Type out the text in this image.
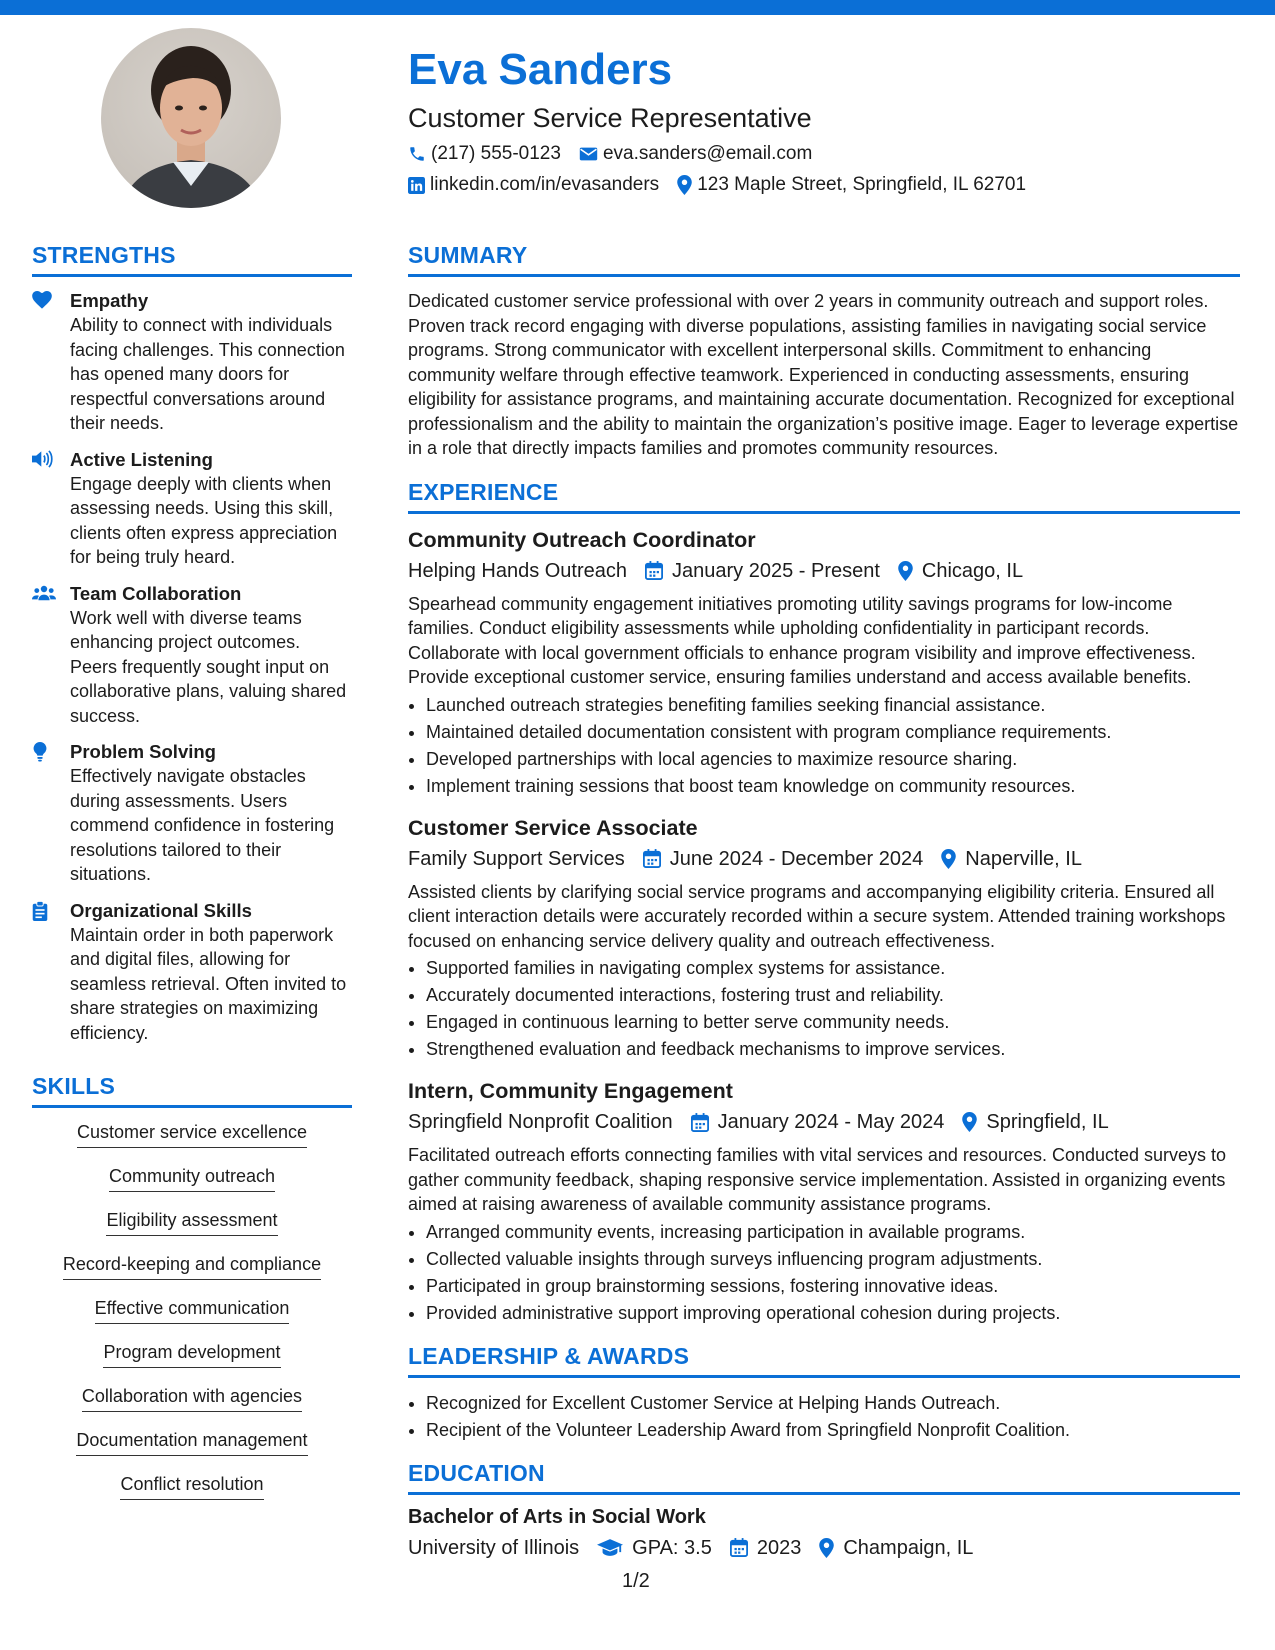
Eva Sanders
Customer Service Representative
(217) 555-0123 eva.sanders@email.com
linkedin.com/in/evasanders 123 Maple Street, Springfield, IL 62701
STRENGTHS
Empathy
Ability to connect with individuals facing challenges. This connection has opened many doors for respectful conversations around their needs.
Active Listening
Engage deeply with clients when assessing needs. Using this skill, clients often express appreciation for being truly heard.
Team Collaboration
Work well with diverse teams enhancing project outcomes. Peers frequently sought input on collaborative plans, valuing shared success.
Problem Solving
Effectively navigate obstacles during assessments. Users commend confidence in fostering resolutions tailored to their situations.
Organizational Skills
Maintain order in both paperwork and digital files, allowing for seamless retrieval. Often invited to share strategies on maximizing efficiency.
SKILLS
Customer service excellence
Community outreach
Eligibility assessment
Record-keeping and compliance
Effective communication
Program development
Collaboration with agencies
Documentation management
Conflict resolution
SUMMARY

Dedicated customer service professional with over 2 years in community outreach and support roles. Proven track record engaging with diverse populations, assisting families in navigating social service programs. Strong communicator with excellent interpersonal skills. Commitment to enhancing community welfare through effective teamwork. Experienced in conducting assessments, ensuring eligibility for assistance programs, and maintaining accurate documentation. Recognized for exceptional professionalism and the ability to maintain the organization’s positive image. Eager to leverage expertise in a role that directly impacts families and promotes community resources.

EXPERIENCE
Community Outreach Coordinator
Helping Hands Outreach January 2025 - Present Chicago, IL

Spearhead community engagement initiatives promoting utility savings programs for low-income families. Conduct eligibility assessments while upholding confidentiality in participant records. Collaborate with local government officials to enhance program visibility and improve effectiveness. Provide exceptional customer service, ensuring families understand and access available benefits.

• Launched outreach strategies benefiting families seeking financial assistance.
• Maintained detailed documentation consistent with program compliance requirements.
• Developed partnerships with local agencies to maximize resource sharing.
• Implement training sessions that boost team knowledge on community resources.
Customer Service Associate
Family Support Services June 2024 - December 2024 Naperville, IL

Assisted clients by clarifying social service programs and accompanying eligibility criteria. Ensured all client interaction details were accurately recorded within a secure system. Attended training workshops focused on enhancing service delivery quality and outreach effectiveness.

• Supported families in navigating complex systems for assistance.
• Accurately documented interactions, fostering trust and reliability.
• Engaged in continuous learning to better serve community needs.
• Strengthened evaluation and feedback mechanisms to improve services.
Intern, Community Engagement
Springfield Nonprofit Coalition January 2024 - May 2024 Springfield, IL

Facilitated outreach efforts connecting families with vital services and resources. Conducted surveys to gather community feedback, shaping responsive service implementation. Assisted in organizing events aimed at raising awareness of available community assistance programs.

• Arranged community events, increasing participation in available programs.
• Collected valuable insights through surveys influencing program adjustments.
• Participated in group brainstorming sessions, fostering innovative ideas.
• Provided administrative support improving operational cohesion during projects.
LEADERSHIP & AWARDS
• Recognized for Excellent Customer Service at Helping Hands Outreach.
• Recipient of the Volunteer Leadership Award from Springfield Nonprofit Coalition.
EDUCATION
Bachelor of Arts in Social Work
University of Illinois	GPA: 3.5 2023 Champaign, IL
1/2
